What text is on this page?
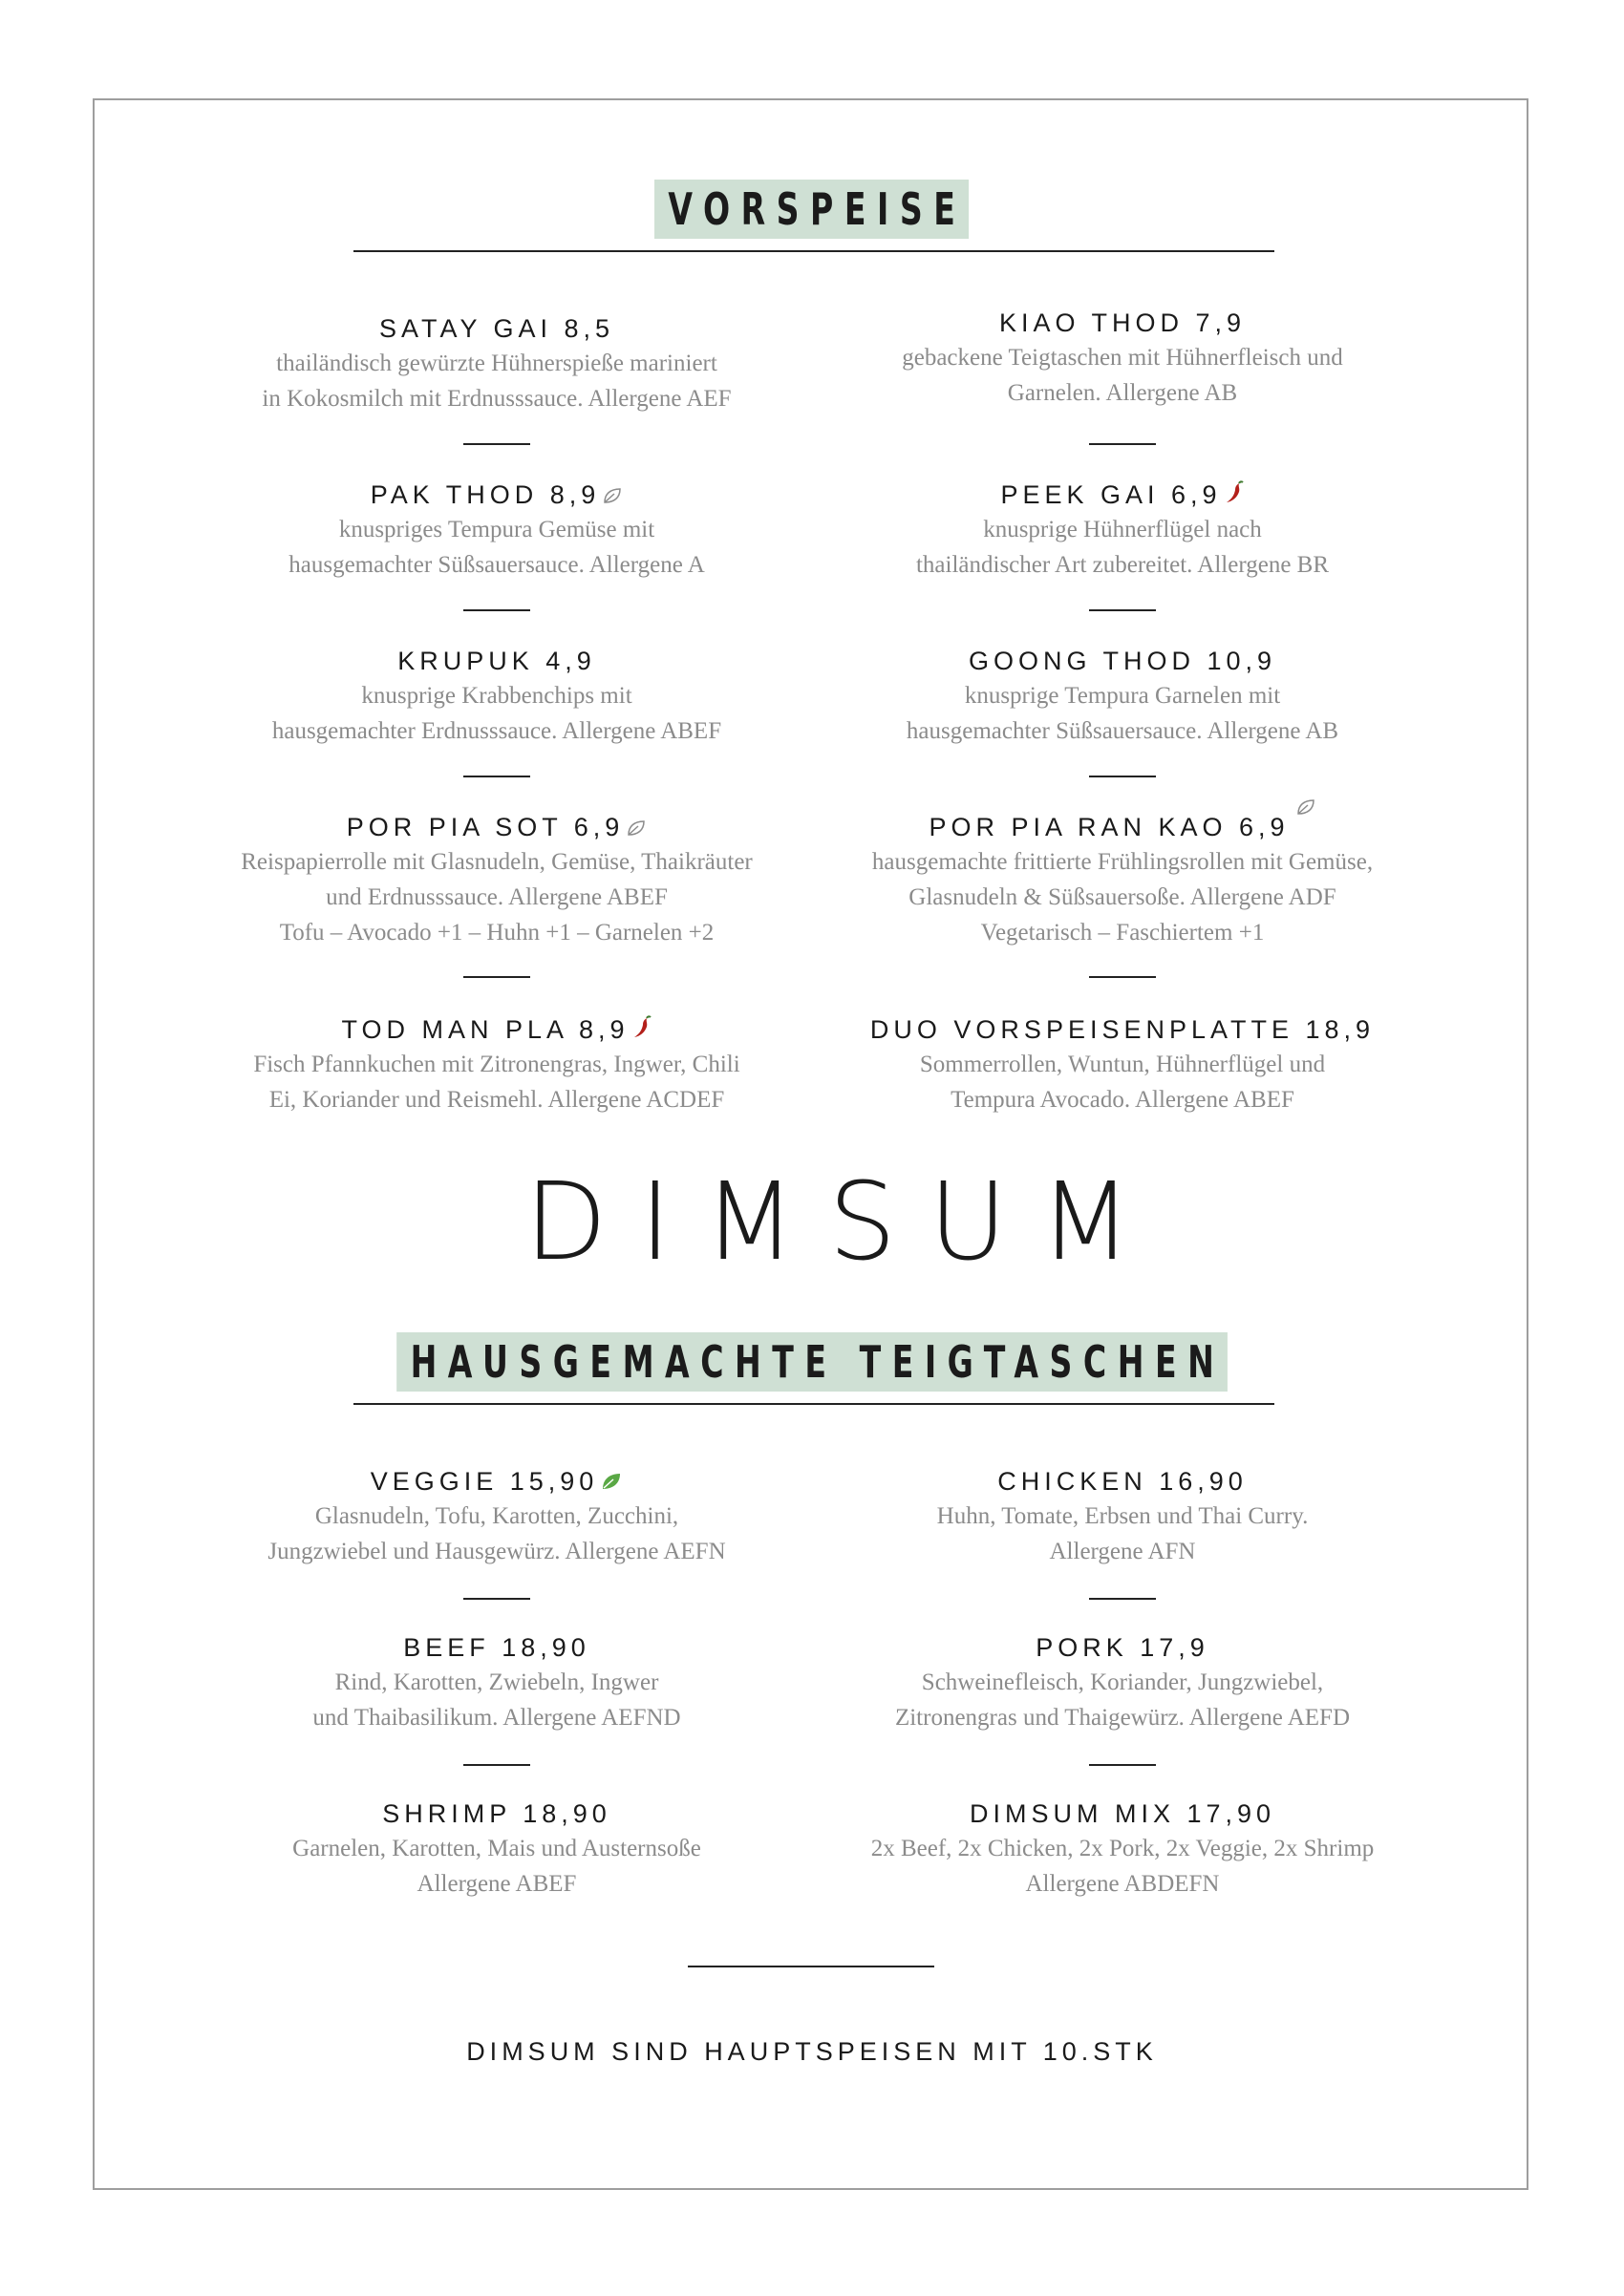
VORSPEISE
SATAY GAI 8,5
thailändisch gewürzte Hühnerspieße mariniert
in Kokosmilch mit Erdnusssauce. Allergene AEF
PAK THOD 8,9
knuspriges Tempura Gemüse mit
hausgemachter Süßsauersauce. Allergene A
KRUPUK 4,9
knusprige Krabbenchips mit
hausgemachter Erdnusssauce. Allergene ABEF
POR PIA SOT 6,9
Reispapierrolle mit Glasnudeln, Gemüse, Thaikräuter
und Erdnusssauce. Allergene ABEF
Tofu – Avocado +1 – Huhn +1 – Garnelen +2
TOD MAN PLA 8,9
Fisch Pfannkuchen mit Zitronengras, Ingwer, Chili
Ei, Koriander und Reismehl. Allergene ACDEF
KIAO THOD 7,9
gebackene Teigtaschen mit Hühnerfleisch und
Garnelen. Allergene AB
PEEK GAI 6,9
knusprige Hühnerflügel nach
thailändischer Art zubereitet. Allergene BR
GOONG THOD 10,9
knusprige Tempura Garnelen mit
hausgemachter Süßsauersauce. Allergene AB
POR PIA RAN KAO 6,9
hausgemachte frittierte Frühlingsrollen mit Gemüse,
Glasnudeln & Süßsauersoße. Allergene ADF
Vegetarisch – Faschiertem +1
DUO VORSPEISENPLATTE 18,9
Sommerrollen, Wuntun, Hühnerflügel und
Tempura Avocado. Allergene ABEF
DIMSUM
HAUSGEMACHTE TEIGTASCHEN
VEGGIE 15,90
Glasnudeln, Tofu, Karotten, Zucchini,
Jungzwiebel und Hausgewürz. Allergene AEFN
BEEF 18,90
Rind, Karotten, Zwiebeln, Ingwer
und Thaibasilikum. Allergene AEFND
SHRIMP 18,90
Garnelen, Karotten, Mais und Austernsoße
Allergene ABEF
CHICKEN 16,90
Huhn, Tomate, Erbsen und Thai Curry.
Allergene AFN
PORK 17,9
Schweinefleisch, Koriander, Jungzwiebel,
Zitronengras und Thaigewürz. Allergene AEFD
DIMSUM MIX 17,90
2x Beef, 2x Chicken, 2x Pork, 2x Veggie, 2x Shrimp
Allergene ABDEFN
DIMSUM SIND HAUPTSPEISEN MIT 10.STK
